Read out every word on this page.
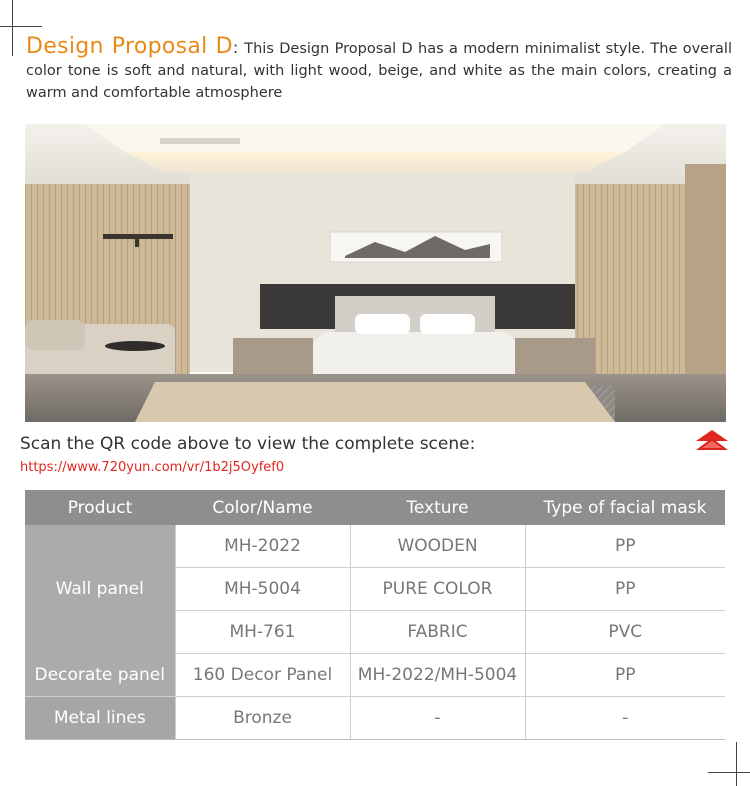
Design Proposal D: This Design Proposal D has a modern minimalist style. The overall color tone is soft and natural, with light wood, beige, and white as the main colors, creating a warm and comfortable atmosphere
Scan the QR code above to view the complete scene:
https://www.720yun.com/vr/1b2j5Oyfef0
Product	Color/Name	Texture	Type of facial mask
Wall panel	MH-2022	WOODEN	PP
	MH-5004	PURE COLOR	PP
	MH-761	FABRIC	PVC
Decorate panel	160 Decor Panel	MH-2022/MH-5004	PP
Metal lines	Bronze	-	-
